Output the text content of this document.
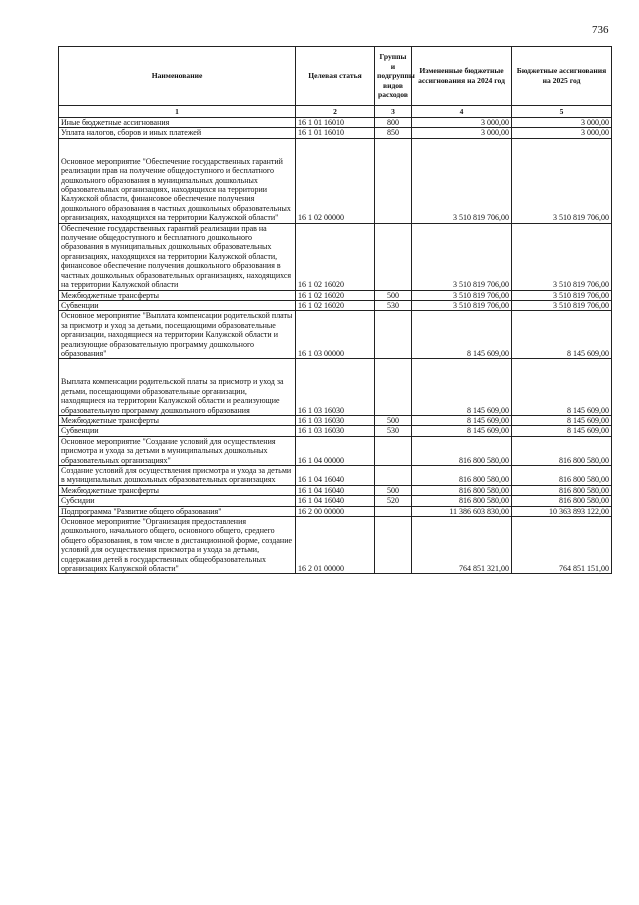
736
Наименование	Целевая статья	Группы и подгруппы видов расходов	Измененные бюджетные ассигнования на 2024 год	Бюджетные ассигнования на 2025 год
1	2	3	4	5
Иные бюджетные ассигнования	16 1 01 16010	800	3 000,00	3 000,00
Уплата налогов, сборов и иных платежей	16 1 01 16010	850	3 000,00	3 000,00

Основное мероприятие "Обеспечение государственных гарантий реализации прав на получение общедоступного и бесплатного дошкольного образования в муниципальных дошкольных образовательных организациях, находящихся на территории Калужской области, финансовое обеспечение получения дошкольного образования в частных дошкольных образовательных организациях, находящихся на территории Калужской области"	16 1 02 00000		3 510 819 706,00	3 510 819 706,00
Обеспечение государственных гарантий реализации прав на получение общедоступного и бесплатного дошкольного образования в муниципальных дошкольных образовательных организациях, находящихся на территории Калужской области, финансовое обеспечение получения дошкольного образования в частных дошкольных образовательных организациях, находящихся на территории Калужской области	16 1 02 16020		3 510 819 706,00	3 510 819 706,00
Межбюджетные трансферты	16 1 02 16020	500	3 510 819 706,00	3 510 819 706,00
Субвенции	16 1 02 16020	530	3 510 819 706,00	3 510 819 706,00
Основное мероприятие "Выплата компенсации родительской платы за присмотр и уход за детьми, посещающими образовательные организации, находящиеся на территории Калужской области и реализующие образовательную программу дошкольного образования"	16 1 03 00000		8 145 609,00	8 145 609,00

Выплата компенсации родительской платы за присмотр и уход за детьми, посещающими образовательные организации, находящиеся на территории Калужской области и реализующие образовательную программу дошкольного образования	16 1 03 16030		8 145 609,00	8 145 609,00
Межбюджетные трансферты	16 1 03 16030	500	8 145 609,00	8 145 609,00
Субвенции	16 1 03 16030	530	8 145 609,00	8 145 609,00
Основное мероприятие "Создание условий для осуществления присмотра и ухода за детьми в муниципальных дошкольных образовательных организациях"	16 1 04 00000		816 800 580,00	816 800 580,00
Создание условий для осуществления присмотра и ухода за детьми в муниципальных дошкольных образовательных организациях	16 1 04 16040		816 800 580,00	816 800 580,00
Межбюджетные трансферты	16 1 04 16040	500	816 800 580,00	816 800 580,00
Субсидии	16 1 04 16040	520	816 800 580,00	816 800 580,00
Подпрограмма "Развитие общего образования"	16 2 00 00000		11 386 603 830,00	10 363 893 122,00
Основное мероприятие "Организация предоставления дошкольного, начального общего, основного общего, среднего общего образования, в том числе в дистанционной форме, создание условий для осуществления присмотра и ухода за детьми, содержания детей в государственных общеобразовательных организациях Калужской области"	16 2 01 00000		764 851 321,00	764 851 151,00
